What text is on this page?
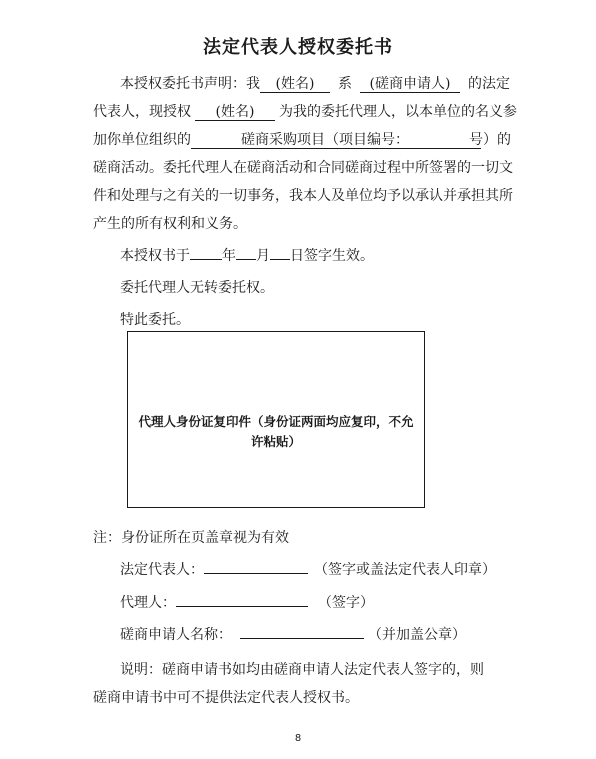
法定代表人授权委托书
本授权委托书声明：我 (姓名) 系 (磋商申请人) 的法定
代表人，现授权 (姓名) 为我的委托代理人，以本单位的名义参
加你单位组织的	磋商采购项目（项目编号：	号）的
磋商活动。委托代理人在磋商活动和合同磋商过程中所签署的一切文
件和处理与之有关的一切事务，我本人及单位均予以承认并承担其所
产生的所有权利和义务。
本授权书于 年 月 日签字生效。
委托代理人无转委托权。
特此委托。
代理人身份证复印件（身份证两面均应复印，不允许粘贴）
注：身份证所在页盖章视为有效
法定代表人：	（签字或盖法定代表人印章）
代理人：	（签字）
磋商申请人名称：	（并加盖公章）
说明：磋商申请书如均由磋商申请人法定代表人签字的，则
磋商申请书中可不提供法定代表人授权书。
8
